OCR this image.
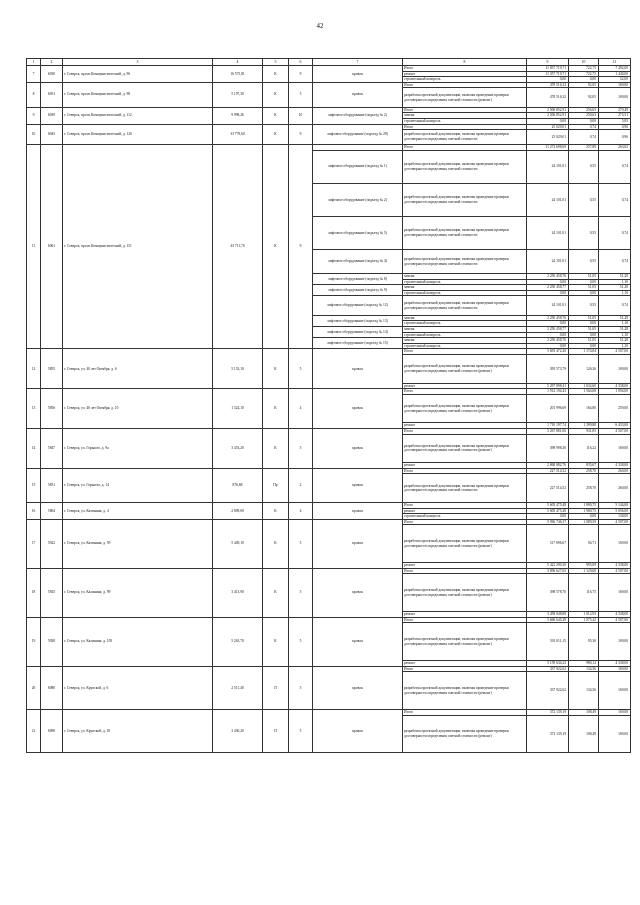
42
1	2	3	4	5	6	7	8	9	10	11
7	6030	г. Северск, просп.Коммунистический, д. 96	16 575,81	К	9	кровля	Итого	11 837 719,71	722,75	7 492,00
							ремонт	11 357 719,71	722,75	1 440,00
							строительный контроль	0,00	0,00	52,00
8	6031	г. Северск, просп.Коммунистический, д. 98	5 197,30	К	5	кровля	Итого	478 516,32	92,05	169,00
							разработка проектной документации, включая проведение проверки достоверности определения сметной стоимости (ремонт)	478 516,32	92,05	169,00
9	6039	г. Северск, просп.Коммунистический, д. 112	9 998,26	К	10	лифтовое оборудование (подъезд № 2)	Итого	2 506 852,91	256,65	279,49
							замена	2 506 852,91	250,63	273,51
							строительный контроль	0,00	0,00	5,85
10	6045	г. Северск, просп.Коммунистический, д. 120	33 779,60	К	9	лифтовое оборудование (подъезд № 28)	Итого	25 029,01	0,74	0,96
							разработка проектной документации, включая проведение проверки достоверности определения сметной стоимости	25 029,01	0,74	0,96
11	6061	г. Северск, просп.Коммунистический, д. 151	43 711,70	К	9		Итого	11 272 698,69	257,89	263,63
						лифтовое оборудование (подъезд № 1)	разработка проектной документации, включая проведение проверки достоверности определения сметной стоимости	24 101,01	0,55	0,74
						лифтовое оборудование (подъезд № 2)	разработка проектной документации, включая проведение проверки достоверности определения сметной стоимости	24 101,01	0,55	0,74
						лифтовое оборудование (подъезд № 5)	разработка проектной документации, включая проведение проверки достоверности определения сметной стоимости	24 101,01	0,55	0,74
						лифтовое оборудование (подъезд № 4)	разработка проектной документации, включая проведение проверки достоверности определения сметной стоимости	24 101,01	0,55	0,74
						лифтовое оборудование (подъезд № 8)	замена	2 250 458,76	51,05	51,28
							строительный контроль	0,00	0,00	1,10
						лифтовое оборудование (подъезд № 9)	замена	2 250 458,77	51,05	51,28
							строительный контроль	0,00	0,00	1,10
						лифтовое оборудование (подъезд № 12)	разработка проектной документации, включая проведение проверки достоверности определения сметной стоимости	24 101,01	0,55	0,74
						лифтовое оборудование (подъезд № 13)	замена	2 250 458,76	51,05	51,28
							строительный контроль	0,00	0,00	1,10
						лифтовое оборудование (подъезд № 14)	замена	2 250 458,77	51,05	51,28
							строительный контроль	0,00	0,00	1,10
						лифтовое оборудование (подъезд № 15)	замена	2 250 458,76	51,05	51,28
							строительный контроль	0,00	0,00	1,10
12	5855	г. Северск, ул. 40 лет Октября, д. 6	5 133,10	К	5	кровля	Итого	5 693 472,20	1 174,84	4 507,00
							разработка проектной документации, включая проведение проверки достоверности определения сметной стоимости (ремонт)	395 573,79	126,26	169,00
							ремонт	5 297 898,41	1 032,60	4 338,00
13	5856	г. Северск, ул. 40 лет Октября, д. 10	1 322,10	К	4	кровля	Итого	1 912 194,43	1 564,68	1 094,00
							разработка проектной документации, включая проведение проверки достоверности определения сметной стоимости (ремонт)	201 996,69	164,80	259,00
							ремонт	1 710 197,74	1 399,88	6 433,00
14	5847	г. Северск, ул. Горького, д. 9а	3 453,20	К	5	кровля	Итого	3 267 881,06	931,85	4 507,00
							разработка проектной документации, включая проведение проверки достоверности определения сметной стоимости (ремонт)	398 998,30	116,22	169,00
							ремонт	2 868 882,76	835,67	4 338,00
15	5851	г. Северск, ул. Горького, д. 14	876,68	Пр	2	кровля	Итого	227 514,52	258,70	260,00
							разработка проектной документации, включая проведение проверки достоверности определения сметной стоимости	227 514,52	258,70	260,00
16	5864	г. Северск, ул. Калинина, д. 4	2 809,00	К	4	кровля	Итого	5 605 475,48	1 980,75	5 144,00
							ремонт	5 605 475,48	1 980,75	5 056,00
							строительный контроль	0,00	0,00	138,00
17	5922	г. Северск, ул. Калинина, д. 95	5 449,10	К	5	кровля	Итого	5 936 746,37	1 089,50	4 507,00
							разработка проектной документации, включая проведение проверки достоверности определения сметной стоимости (ремонт)	517 896,67	94,71	169,00
							ремонт	5 422 290,30	995,09	4 338,00
18	5925	г. Северск, ул. Калинина, д. 99	3 413,90	К	5	кровля	Итого	3 856 627,65	1 129,68	4 507,00
							разработка проектной документации, включая проведение проверки достоверности определения сметной стоимости (ремонт)	398 578,76	116,75	169,00
							ремонт	3 458 048,89	1 012,93	4 338,00
19	5928	г. Северск, ул. Калинина, д. 105	5 263,70	К	5	кровля	Итого	5 660 645,38	1 075,42	4 507,00
							разработка проектной документации, включая проведение проверки достоверности определения сметной стоимости (ремонт)	501 011,15	95,30	169,00
							ремонт	5 159 634,23	980,12	4 338,00
20	6080	г. Северск, ул. Крупской, д. 6	2 511,40	П	5	кровля	Итого	337 922,62	134,56	169,00
							разработка проектной документации, включая проведение проверки достоверности определения сметной стоимости (ремонт)	337 922,62	134,56	169,00
21	6090	г. Северск, ул. Крупской, д. 18	3 430,20	П	5	кровля	Итого	372 139,19	108,49	169,00
							разработка проектной документации, включая проведение проверки достоверности определения сметной стоимости (ремонт)	372 139,19	108,49	169,00
